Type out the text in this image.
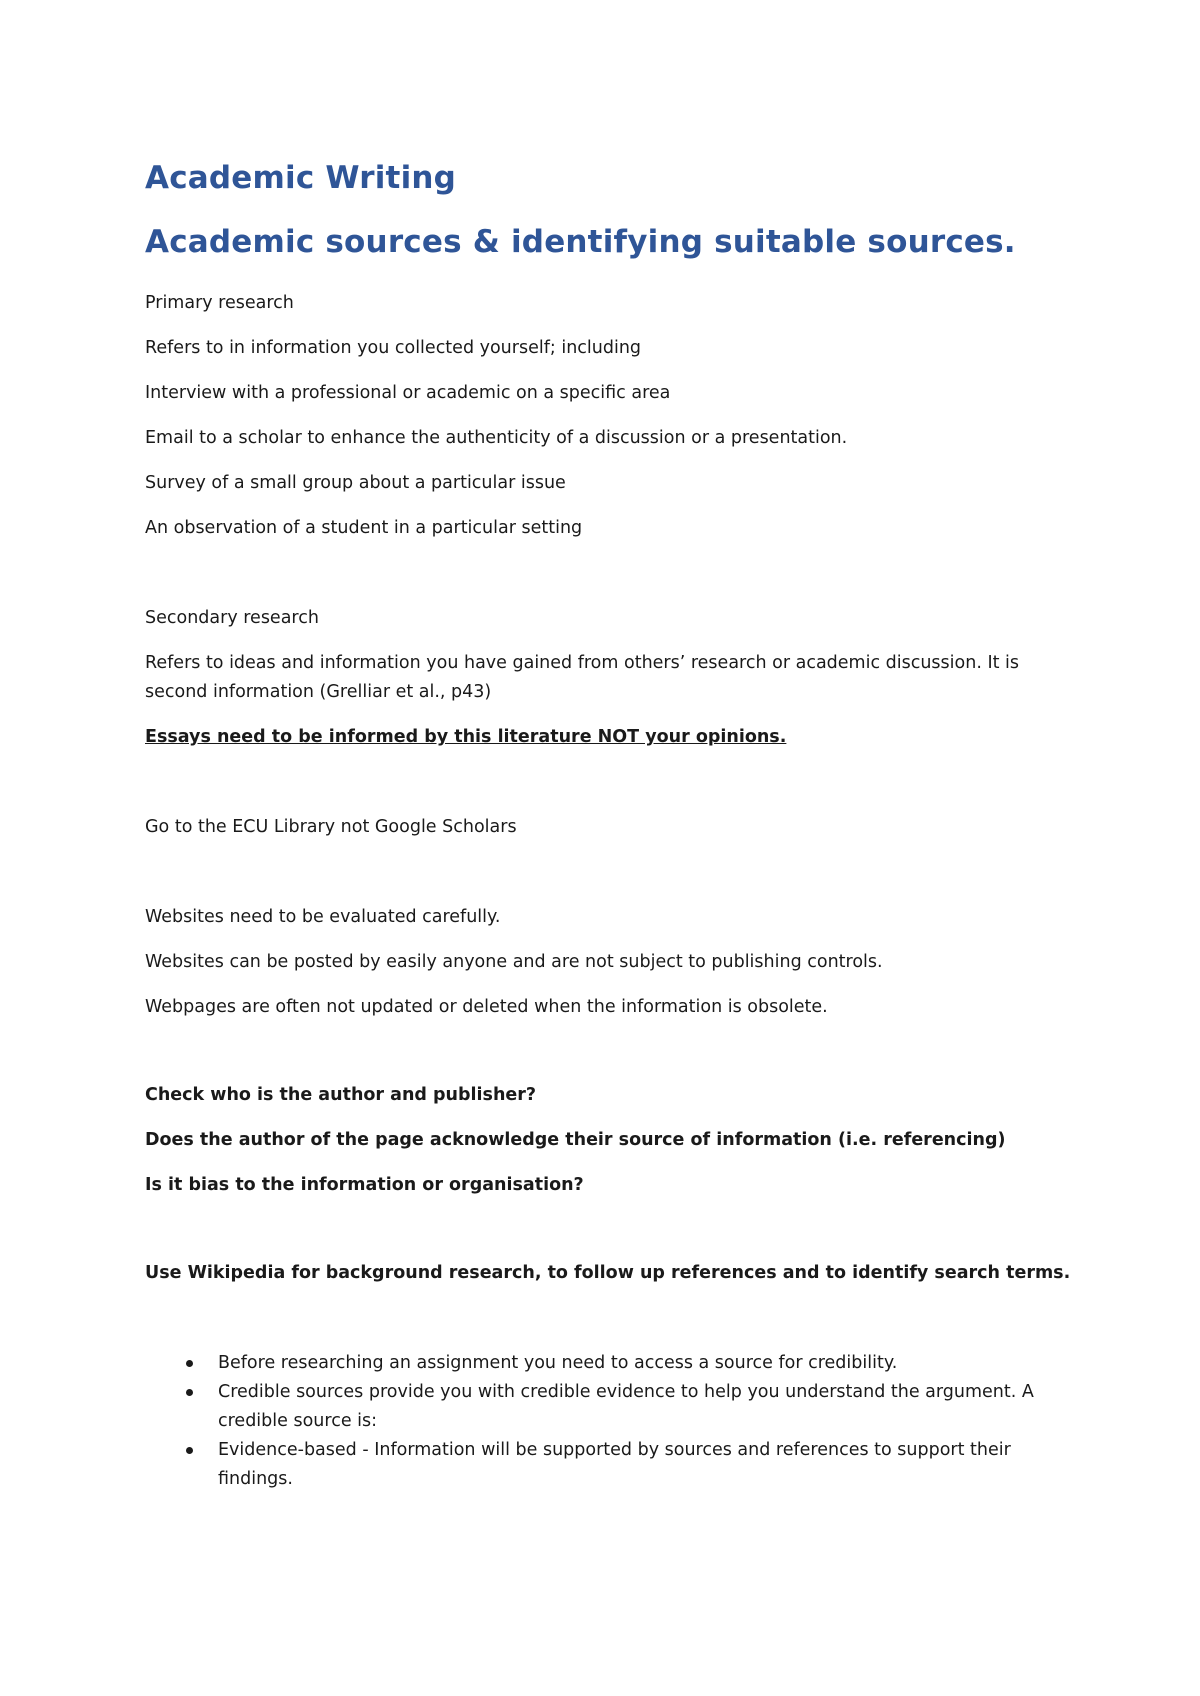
Academic Writing
Academic sources & identifying suitable sources.

Primary research

Refers to in information you collected yourself; including

Interview with a professional or academic on a specific area

Email to a scholar to enhance the authenticity of a discussion or a presentation.

Survey of a small group about a particular issue

An observation of a student in a particular setting

Secondary research

Refers to ideas and information you have gained from others’ research or academic discussion. It is second information (Grelliar et al., p43)

Essays need to be informed by this literature NOT your opinions.

Go to the ECU Library not Google Scholars

Websites need to be evaluated carefully.

Websites can be posted by easily anyone and are not subject to publishing controls.

Webpages are often not updated or deleted when the information is obsolete.

Check who is the author and publisher?

Does the author of the page acknowledge their source of information (i.e. referencing)

Is it bias to the information or organisation?

Use Wikipedia for background research, to follow up references and to identify search terms.

Before researching an assignment you need to access a source for credibility.
Credible sources provide you with credible evidence to help you understand the argument. A credible source is:
Evidence-based - Information will be supported by sources and references to support their findings.
